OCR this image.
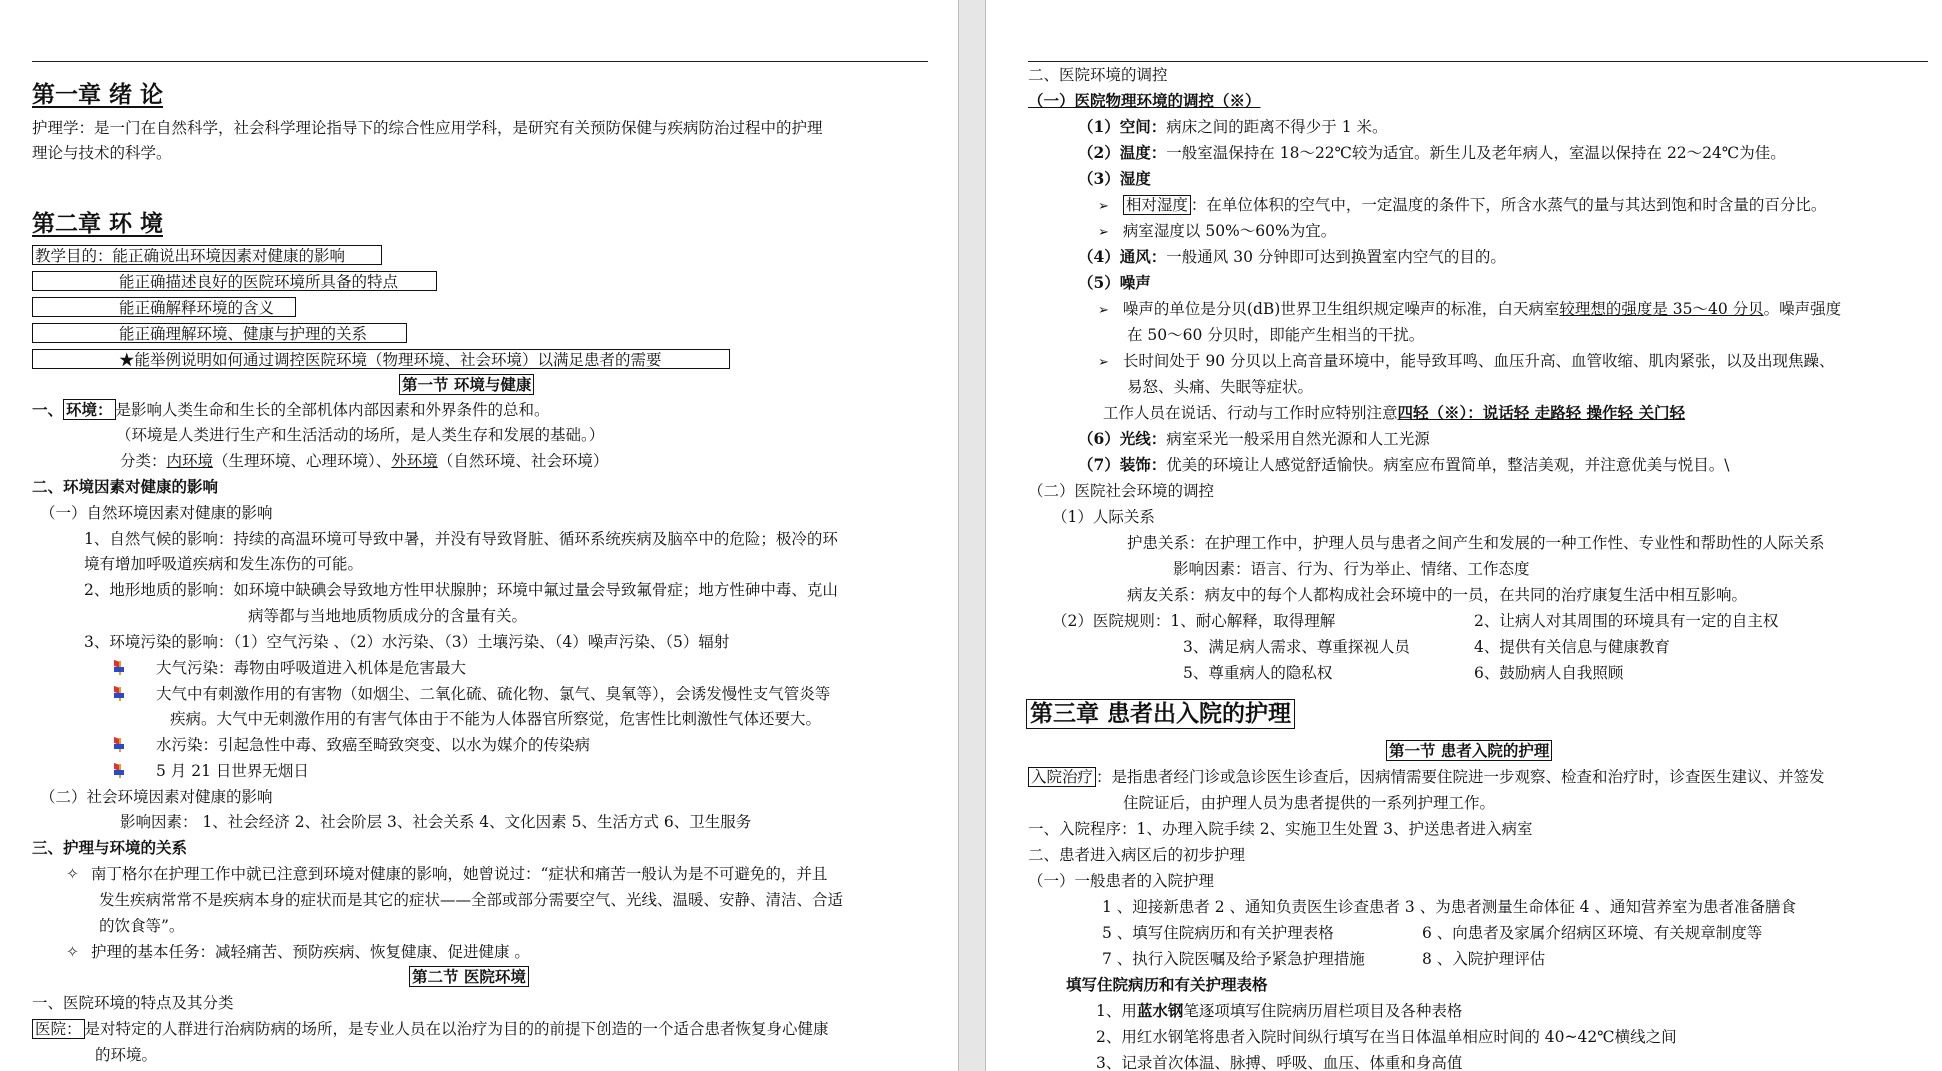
第一章 绪 论
护理学：是一门在自然科学，社会科学理论指导下的综合性应用学科，是研究有关预防保健与疾病防治过程中的护理
理论与技术的科学。
第二章 环 境
教学目的：能正确说出环境因素对健康的影响
能正确描述良好的医院环境所具备的特点
能正确解释环境的含义
能正确理解环境、健康与护理的关系
★能举例说明如何通过调控医院环境（物理环境、社会环境）以满足患者的需要
第一节 环境与健康
一、 环境： 是影响人类生命和生长的全部机体内部因素和外界条件的总和。
（环境是人类进行生产和生活活动的场所，是人类生存和发展的基础。）
分类：内环境（生理环境、心理环境）、外环境（自然环境、社会环境）
二、环境因素对健康的影响
（一）自然环境因素对健康的影响
1、自然气候的影响：持续的高温环境可导致中暑，并没有导致肾脏、循环系统疾病及脑卒中的危险；极冷的环
境有增加呼吸道疾病和发生冻伤的可能。
2、地形地质的影响：如环境中缺碘会导致地方性甲状腺肿；环境中氟过量会导致氟骨症；地方性砷中毒、克山
病等都与当地地质物质成分的含量有关。
3、环境污染的影响：（1）空气污染 、（2）水污染、（3）土壤污染、（4）噪声污染、（5）辐射
大气污染：毒物由呼吸道进入机体是危害最大
大气中有刺激作用的有害物（如烟尘、二氧化硫、硫化物、氯气、臭氧等），会诱发慢性支气管炎等
疾病。大气中无刺激作用的有害气体由于不能为人体器官所察觉，危害性比刺激性气体还要大。
水污染：引起急性中毒、致癌至畸致突变、以水为媒介的传染病
5 月 21 日世界无烟日
（二）社会环境因素对健康的影响
影响因素： 1、社会经济 2、社会阶层 3、社会关系 4、文化因素 5、生活方式 6、卫生服务
三、护理与环境的关系
✧ 南丁格尔在护理工作中就已注意到环境对健康的影响，她曾说过：“症状和痛苦一般认为是不可避免的，并且
发生疾病常常不是疾病本身的症状而是其它的症状——全部或部分需要空气、光线、温暖、安静、清洁、合适
的饮食等”。
✧ 护理的基本任务：减轻痛苦、预防疾病、恢复健康、促进健康 。
第二节 医院环境
一、医院环境的特点及其分类
医院： 是对特定的人群进行治病防病的场所，是专业人员在以治疗为目的的前提下创造的一个适合患者恢复身心健康
的环境。
二、医院环境的调控
（一）医院物理环境的调控（※）
（1）空间：病床之间的距离不得少于 1 米。
（2）温度：一般室温保持在 18～22℃较为适宜。新生儿及老年病人，室温以保持在 22～24℃为佳。
（3）湿度
➢ 相对湿度 ：在单位体积的空气中，一定温度的条件下，所含水蒸气的量与其达到饱和时含量的百分比。
➢ 病室湿度以 50%～60%为宜。
（4）通风：一般通风 30 分钟即可达到换置室内空气的目的。
（5）噪声
➢ 噪声的单位是分贝(dB)世界卫生组织规定噪声的标准，白天病室较理想的强度是 35～40 分贝。噪声强度
在 50～60 分贝时，即能产生相当的干扰。
➢ 长时间处于 90 分贝以上高音量环境中，能导致耳鸣、血压升高、血管收缩、肌肉紧张，以及出现焦躁、
易怒、头痛、失眠等症状。
工作人员在说话、行动与工作时应特别注意四轻（※）：说话轻 走路轻 操作轻 关门轻
（6）光线：病室采光一般采用自然光源和人工光源
（7）装饰：优美的环境让人感觉舒适愉快。病室应布置简单，整洁美观，并注意优美与悦目。\
（二）医院社会环境的调控
（1）人际关系
护患关系：在护理工作中，护理人员与患者之间产生和发展的一种工作性、专业性和帮助性的人际关系
影响因素：语言、行为、行为举止、情绪、工作态度
病友关系：病友中的每个人都构成社会环境中的一员，在共同的治疗康复生活中相互影响。
（2）医院规则：1、耐心解释，取得理解	2、让病人对其周围的环境具有一定的自主权
3、满足病人需求、尊重探视人员	4、提供有关信息与健康教育
5、尊重病人的隐私权	6、鼓励病人自我照顾
第三章 患者出入院的护理
第一节 患者入院的护理
入院治疗 ：是指患者经门诊或急诊医生诊查后，因病情需要住院进一步观察、检查和治疗时，诊查医生建议、并签发
住院证后，由护理人员为患者提供的一系列护理工作。
一、入院程序：1、办理入院手续 2、实施卫生处置 3、护送患者进入病室
二、患者进入病区后的初步护理
（一）一般患者的入院护理
1 、迎接新患者 2 、通知负责医生诊查患者 3 、为患者测量生命体征 4 、通知营养室为患者准备膳食
5 、填写住院病历和有关护理表格	6 、向患者及家属介绍病区环境、有关规章制度等
7 、执行入院医嘱及给予紧急护理措施	8 、入院护理评估
填写住院病历和有关护理表格
1、用蓝水钢笔逐项填写住院病历眉栏项目及各种表格
2、用红水钢笔将患者入院时间纵行填写在当日体温单相应时间的 40~42℃横线之间
3、记录首次体温、脉搏、呼吸、血压、体重和身高值
